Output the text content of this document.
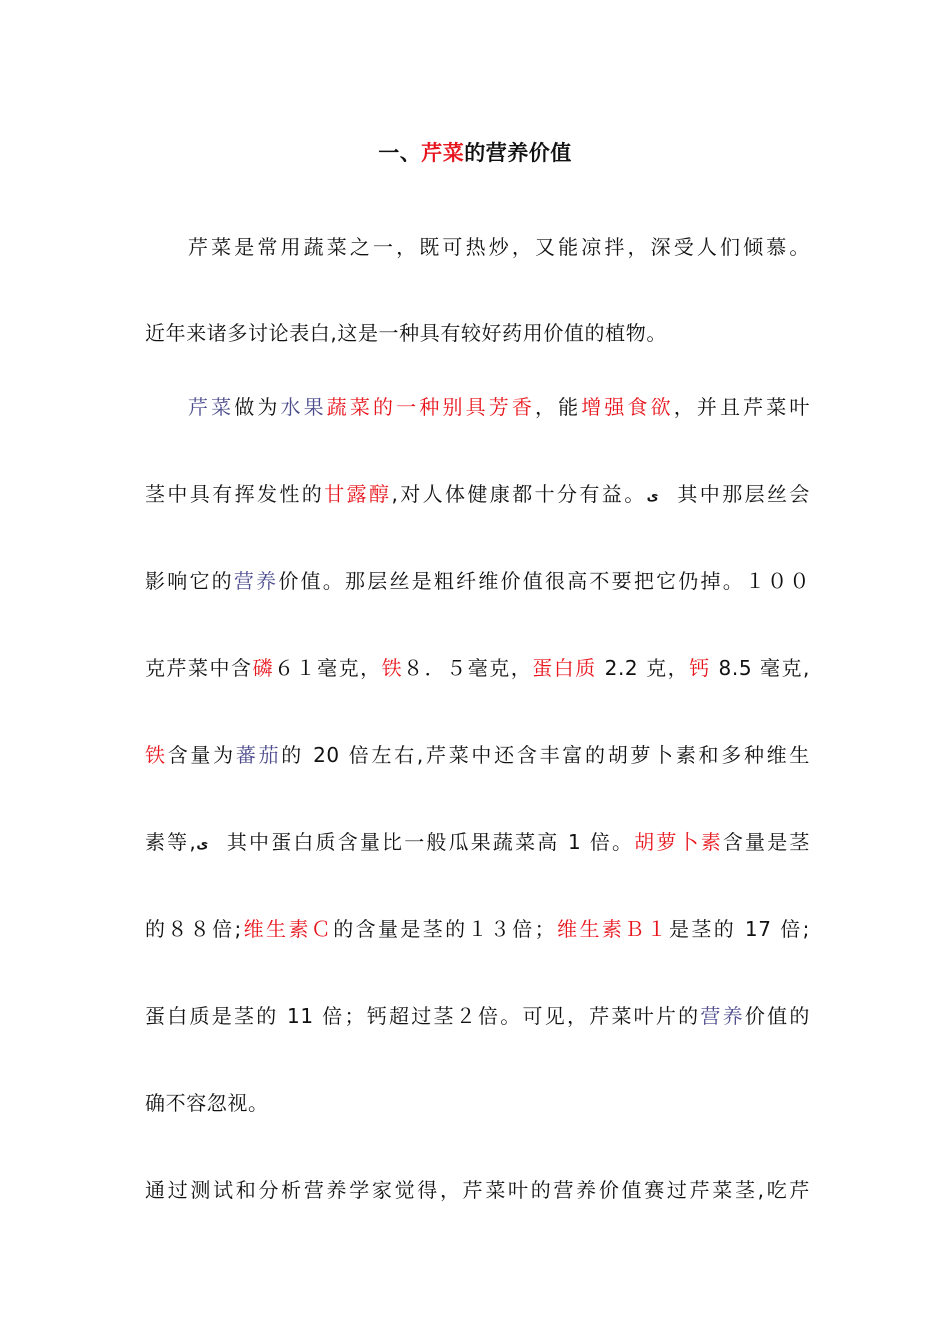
一、芹菜的营养价值
芹菜是常用蔬菜之一，既可热炒，又能凉拌，深受人们倾慕。
近年来诸多讨论表白,这是一种具有较好药用价值的植物。
芹菜做为水果蔬菜的一种别具芳香，能增强食欲，并且芹菜叶
茎中具有挥发性的甘露醇,对人体健康都十分有益。ی 其中那层丝会
影响它的营养价值。那层丝是粗纤维价值很高不要把它仍掉。１００
克芹菜中含磷６１毫克，铁８．５毫克，蛋白质 2.2 克，钙 8.5 毫克,
铁含量为蕃茄的 20 倍左右,芹菜中还含丰富的胡萝卜素和多种维生
素等,ی 其中蛋白质含量比一般瓜果蔬菜高 1 倍。胡萝卜素含量是茎
的８８倍;维生素Ｃ的含量是茎的１３倍；维生素Ｂ１是茎的 17 倍;
蛋白质是茎的 11 倍；钙超过茎２倍。可见，芹菜叶片的营养价值的
确不容忽视。
通过测试和分析营养学家觉得，芹菜叶的营养价值赛过芹菜茎,吃芹
